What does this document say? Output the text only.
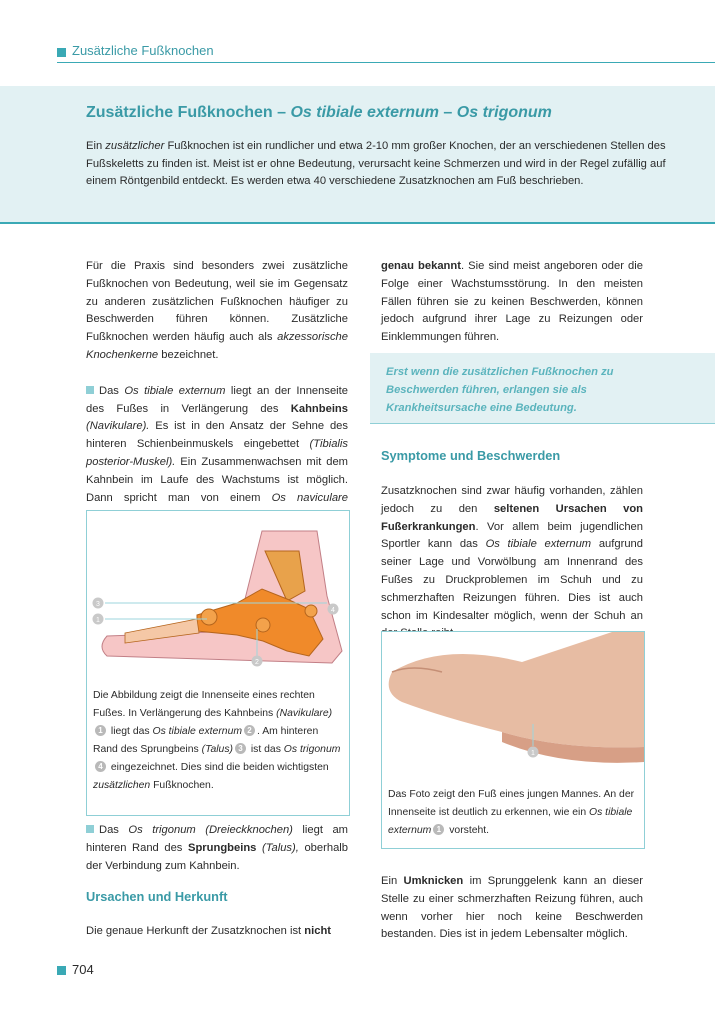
Zusätzliche Fußknochen
Zusätzliche Fußknochen – Os tibiale externum – Os trigonum
Ein zusätzlicher Fußknochen ist ein rundlicher und etwa 2-10 mm großer Knochen, der an verschiedenen Stellen des Fußskeletts zu finden ist. Meist ist er ohne Bedeutung, verursacht keine Schmerzen und wird in der Regel zufällig auf einem Röntgenbild entdeckt. Es werden etwa 40 verschiedene Zusatzknochen am Fuß beschrieben.

Für die Praxis sind besonders zwei zusätzliche Fußknochen von Bedeutung, weil sie im Gegensatz zu anderen zusätzlichen Fußknochen häufiger zu Beschwerden führen können. Zusätzliche Fußknochen werden häufig auch als akzessorische Knochenkerne bezeichnet.

Das Os tibiale externum liegt an der Innenseite des Fußes in Verlängerung des Kahnbeins (Navikulare). Es ist in den Ansatz der Sehne des hinteren Schienbeinmuskels eingebettet (Tibialis posterior-Muskel). Ein Zusammenwachsen mit dem Kahnbein im Laufe des Wachstums ist möglich. Dann spricht man von einem Os naviculare

3
1
2
4
Die Abbildung zeigt die Innenseite eines rechten Fußes. In Verlängerung des Kahnbeins (Navikulare)1 liegt das Os tibiale externum 2 . Am hinteren Rand des Sprungbeins (Talus) 3 ist das Os trigonum4 eingezeichnet. Dies sind die beiden wichtigsten zusätzlichen Fußknochen.

Das Os trigonum (Dreieckknochen) liegt am hinteren Rand des Sprungbeins (Talus), oberhalb der Verbindung zum Kahnbein.

Ursachen und Herkunft

Die genaue Herkunft der Zusatzknochen ist nicht

genau bekannt. Sie sind meist angeboren oder die Folge einer Wachstumsstörung. In den meisten Fällen führen sie zu keinen Beschwerden, können jedoch aufgrund ihrer Lage zu Reizungen oder Einklemmungen führen.

Erst wenn die zusätzlichen Fußknochen zu Beschwerden führen, erlangen sie als Krankheitsursache eine Bedeutung.
Symptome und Beschwerden

Zusatzknochen sind zwar häufig vorhanden, zählen jedoch zu den seltenen Ursachen von Fußerkrankungen. Vor allem beim jugendlichen Sportler kann das Os tibiale externum aufgrund seiner Lage und Vorwölbung am Innenrand des Fußes zu Druckproblemen im Schuh und zu schmerzhaften Reizungen führen. Dies ist auch schon im Kindesalter möglich, wenn der Schuh an

1
Das Foto zeigt den Fuß eines jungen Mannes. An der Innenseite ist deutlich zu erkennen, wie ein Os tibiale externum 1 vorsteht.

Ein Umknicken im Sprunggelenk kann an dieser Stelle zu einer schmerzhaften Reizung führen, auch wenn vorher hier noch keine Beschwerden bestanden. Dies ist in jedem Lebensalter möglich.

704
